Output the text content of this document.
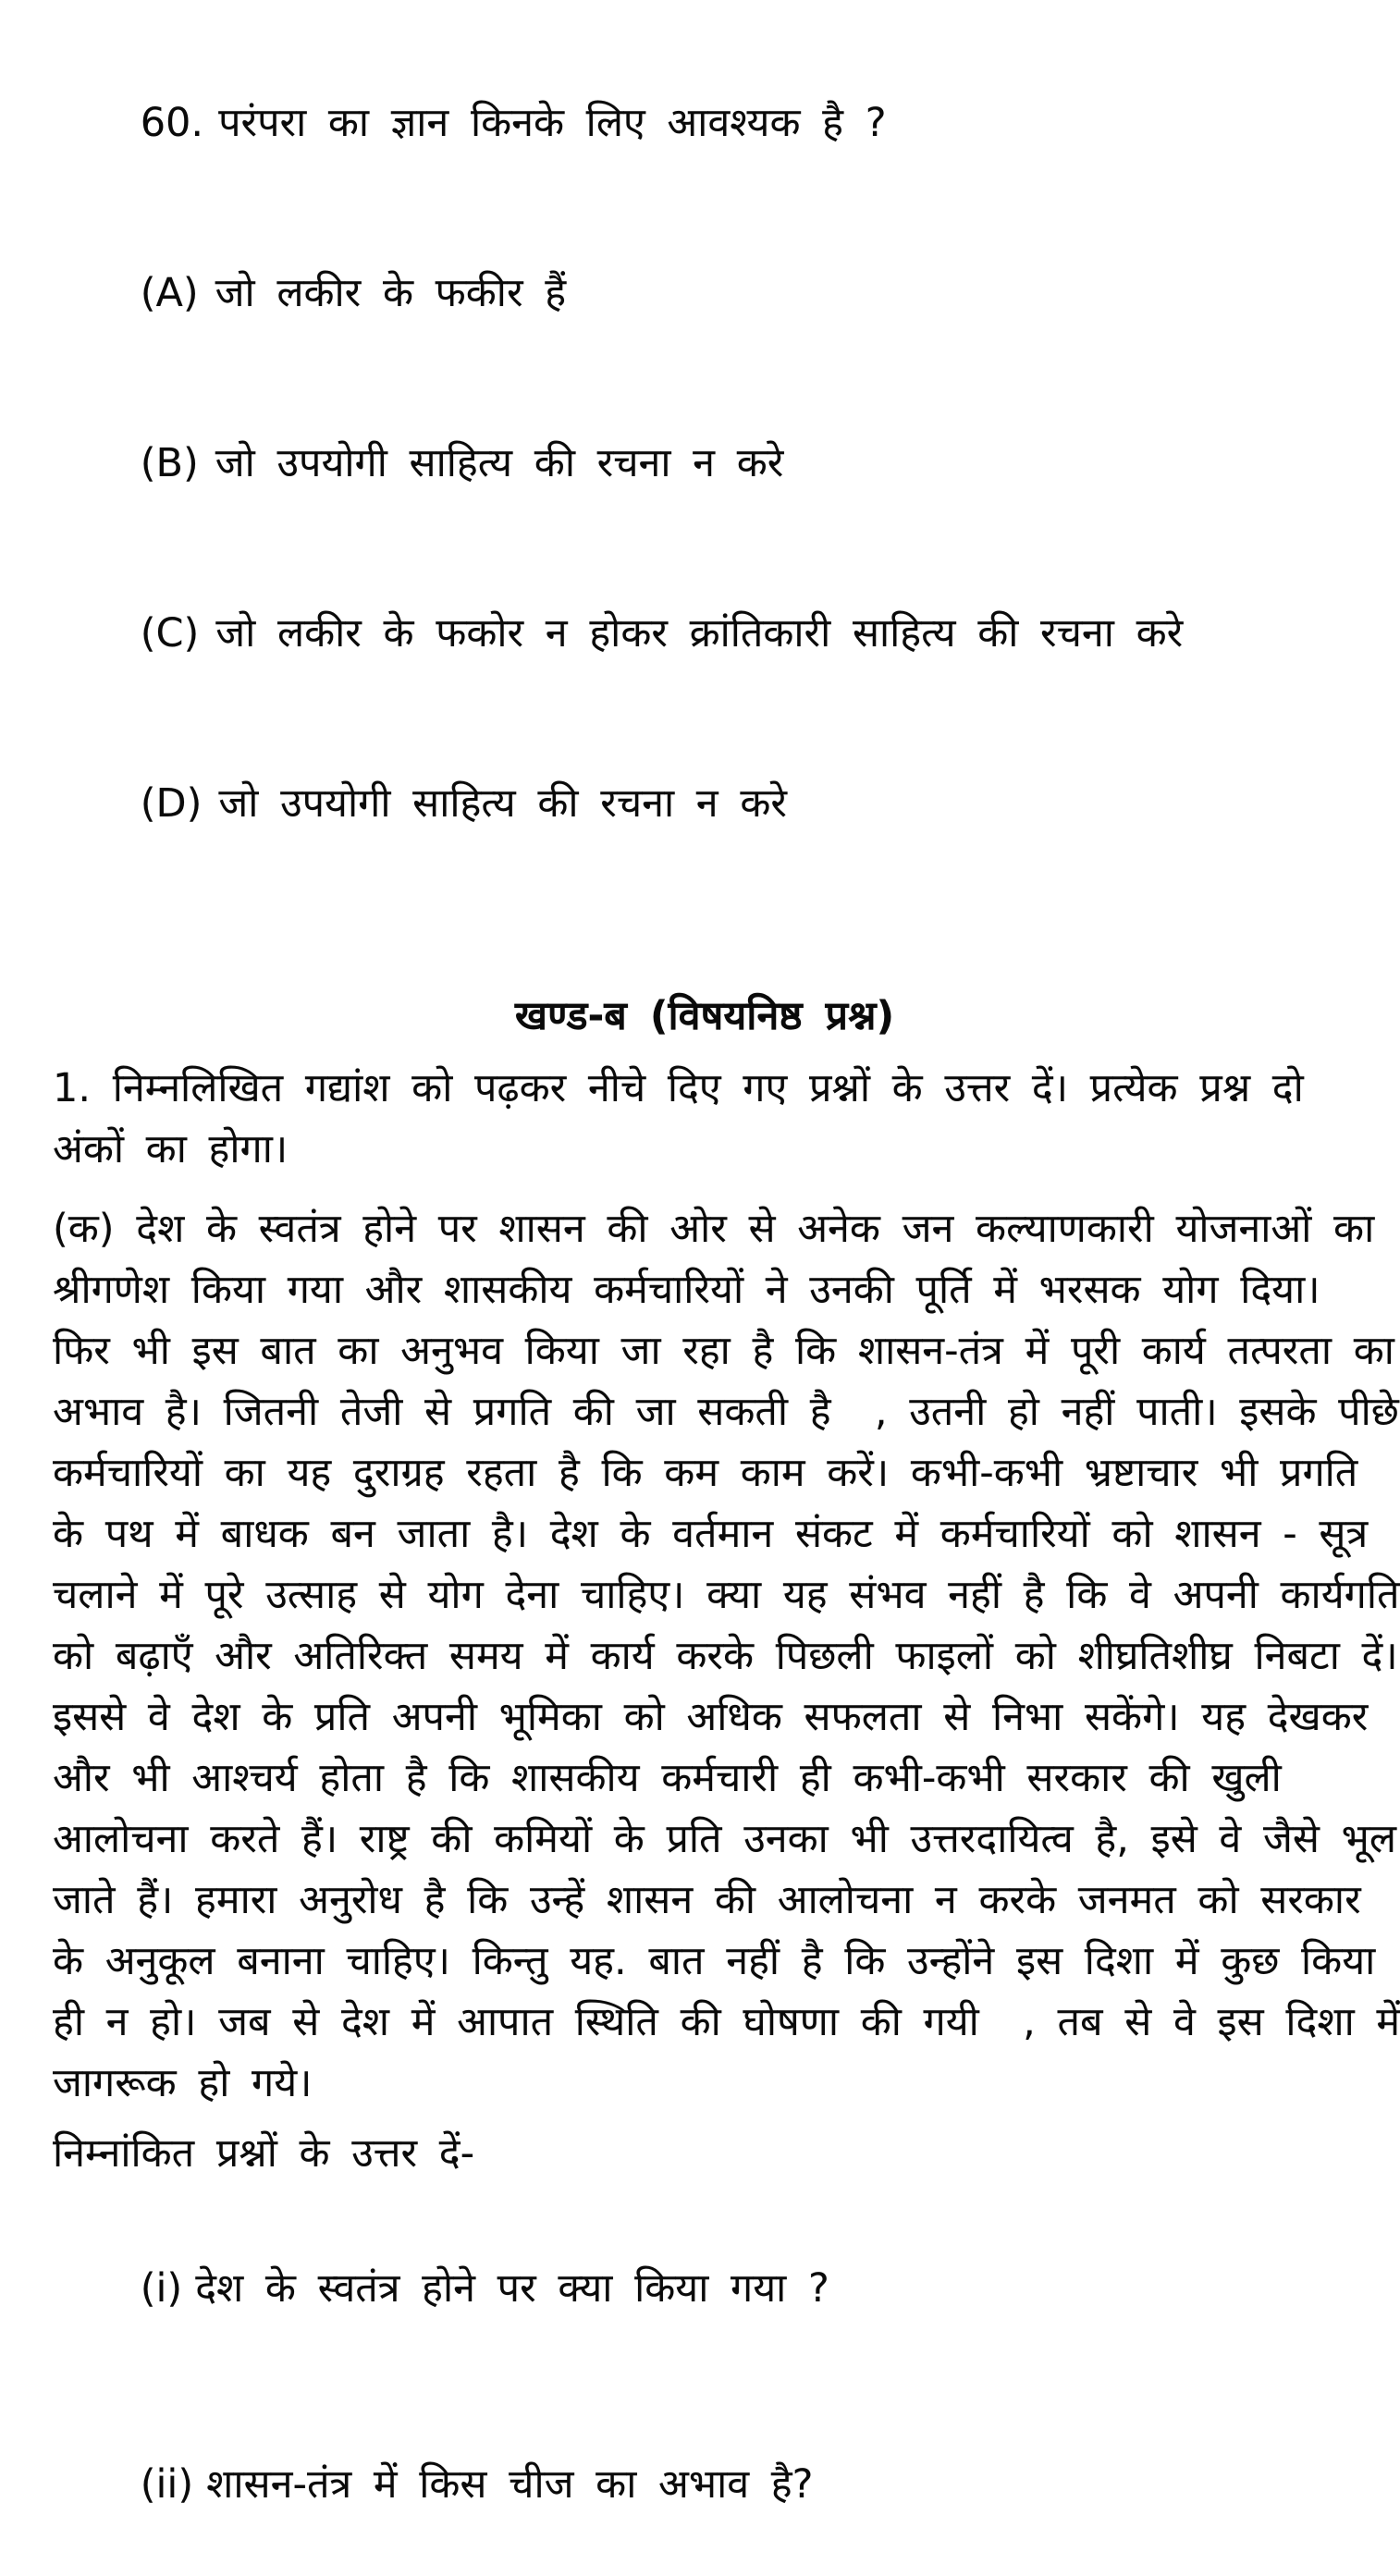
60. परंपरा का ज्ञान किनके लिए आवश्यक है ?

(A) जो लकीर के फकीर हैं

(B) जो उपयोगी साहित्य की रचना न करे

(C) जो लकीर के फकोर न होकर क्रांतिकारी साहित्य की रचना करे

(D) जो उपयोगी साहित्य की रचना न करे

खण्ड-ब (विषयनिष्ठ प्रश्न)
1. निम्नलिखित गद्यांश को पढ़कर नीचे दिए गए प्रश्नों के उत्तर दें। प्रत्येक प्रश्न दो
अंकों का होगा।
(क) देश के स्वतंत्र होने पर शासन की ओर से अनेक जन कल्याणकारी योजनाओं का
श्रीगणेश किया गया और शासकीय कर्मचारियों ने उनकी पूर्ति में भरसक योग दिया।
फिर भी इस बात का अनुभव किया जा रहा है कि शासन-तंत्र में पूरी कार्य तत्परता का
अभाव है। जितनी तेजी से प्रगति की जा सकती है  , उतनी हो नहीं पाती। इसके पीछे
कर्मचारियों का यह दुराग्रह रहता है कि कम काम करें। कभी-कभी भ्रष्टाचार भी प्रगति
के पथ में बाधक बन जाता है। देश के वर्तमान संकट में कर्मचारियों को शासन - सूत्र
चलाने में पूरे उत्साह से योग देना चाहिए। क्या यह संभव नहीं है कि वे अपनी कार्यगति
को बढ़ाएँ और अतिरिक्त समय में कार्य करके पिछली फाइलों को शीघ्रतिशीघ्र निबटा दें।
इससे वे देश के प्रति अपनी भूमिका को अधिक सफलता से निभा सकेंगे। यह देखकर
और भी आश्चर्य होता है कि शासकीय कर्मचारी ही कभी-कभी सरकार की खुली
आलोचना करते हैं। राष्ट्र की कमियों के प्रति उनका भी उत्तरदायित्व है, इसे वे जैसे भूल
जाते हैं। हमारा अनुरोध है कि उन्हें शासन की आलोचना न करके जनमत को सरकार
के अनुकूल बनाना चाहिए। किन्तु यह. बात नहीं है कि उन्होंने इस दिशा में कुछ किया
ही न हो। जब से देश में आपात स्थिति की घोषणा की गयी  , तब से वे इस दिशा में
जागरूक हो गये।
निम्नांकित प्रश्नों के उत्तर दें-

(i) देश के स्वतंत्र होने पर क्या किया गया ?

(ii) शासन-तंत्र में किस चीज का अभाव है?
